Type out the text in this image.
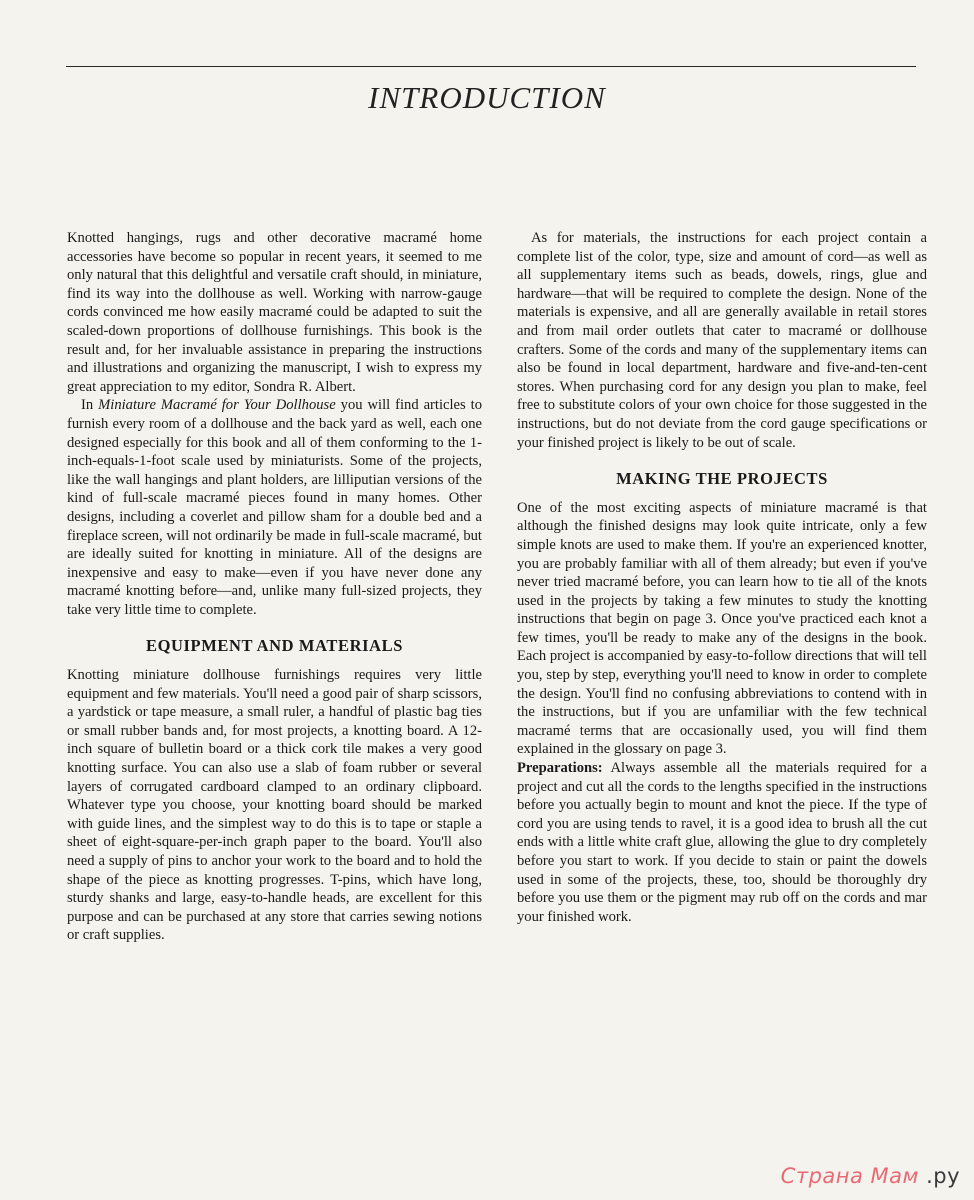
INTRODUCTION

Knotted hangings, rugs and other decorative macramé home accessories have become so popular in recent years, it seemed to me only natural that this delightful and versatile craft should, in miniature, find its way into the dollhouse as well. Working with narrow-gauge cords convinced me how easily macramé could be adapted to suit the scaled-down proportions of dollhouse furnishings. This book is the result and, for her invaluable assistance in preparing the instructions and illustrations and organizing the manuscript, I wish to express my great appreciation to my editor, Sondra R. Albert.

In Miniature Macramé for Your Dollhouse you will find articles to furnish every room of a dollhouse and the back yard as well, each one designed especially for this book and all of them conforming to the 1-inch-equals-1-foot scale used by miniaturists. Some of the projects, like the wall hangings and plant holders, are lilliputian versions of the kind of full-scale macramé pieces found in many homes. Other designs, including a coverlet and pillow sham for a double bed and a fireplace screen, will not ordinarily be made in full-scale macramé, but are ideally suited for knotting in miniature. All of the designs are inexpensive and easy to make—even if you have never done any macramé knotting before—and, unlike many full-sized projects, they take very little time to complete.

EQUIPMENT AND MATERIALS

Knotting miniature dollhouse furnishings requires very little equipment and few materials. You'll need a good pair of sharp scissors, a yardstick or tape measure, a small ruler, a handful of plastic bag ties or small rubber bands and, for most projects, a knotting board. A 12-inch square of bulletin board or a thick cork tile makes a very good knotting surface. You can also use a slab of foam rubber or several layers of corrugated cardboard clamped to an ordinary clipboard. Whatever type you choose, your knotting board should be marked with guide lines, and the simplest way to do this is to tape or staple a sheet of eight-square-per-inch graph paper to the board. You'll also need a supply of pins to anchor your work to the board and to hold the shape of the piece as knotting progresses. T-pins, which have long, sturdy shanks and large, easy-to-handle heads, are excellent for this purpose and can be purchased at any store that carries sewing notions or craft supplies.

As for materials, the instructions for each project contain a complete list of the color, type, size and amount of cord—as well as all supplementary items such as beads, dowels, rings, glue and hardware—that will be required to complete the design. None of the materials is expensive, and all are generally available in retail stores and from mail order outlets that cater to macramé or dollhouse crafters. Some of the cords and many of the supplementary items can also be found in local department, hardware and five-and-ten-cent stores. When purchasing cord for any design you plan to make, feel free to substitute colors of your own choice for those suggested in the instructions, but do not deviate from the cord gauge specifications or your finished project is likely to be out of scale.

MAKING THE PROJECTS

One of the most exciting aspects of miniature macramé is that although the finished designs may look quite intricate, only a few simple knots are used to make them. If you're an experienced knotter, you are probably familiar with all of them already; but even if you've never tried macramé before, you can learn how to tie all of the knots used in the projects by taking a few minutes to study the knotting instructions that begin on page 3. Once you've practiced each knot a few times, you'll be ready to make any of the designs in the book. Each project is accompanied by easy-to-follow directions that will tell you, step by step, everything you'll need to know in order to complete the design. You'll find no confusing abbreviations to contend with in the instructions, but if you are unfamiliar with the few technical macramé terms that are occasionally used, you will find them explained in the glossary on page 3.

Preparations: Always assemble all the materials required for a project and cut all the cords to the lengths specified in the instructions before you actually begin to mount and knot the piece. If the type of cord you are using tends to ravel, it is a good idea to brush all the cut ends with a little white craft glue, allowing the glue to dry completely before you start to work. If you decide to stain or paint the dowels used in some of the projects, these, too, should be thoroughly dry before you use them or the pigment may rub off on the cords and mar your finished work.

Страна Мам .ру
